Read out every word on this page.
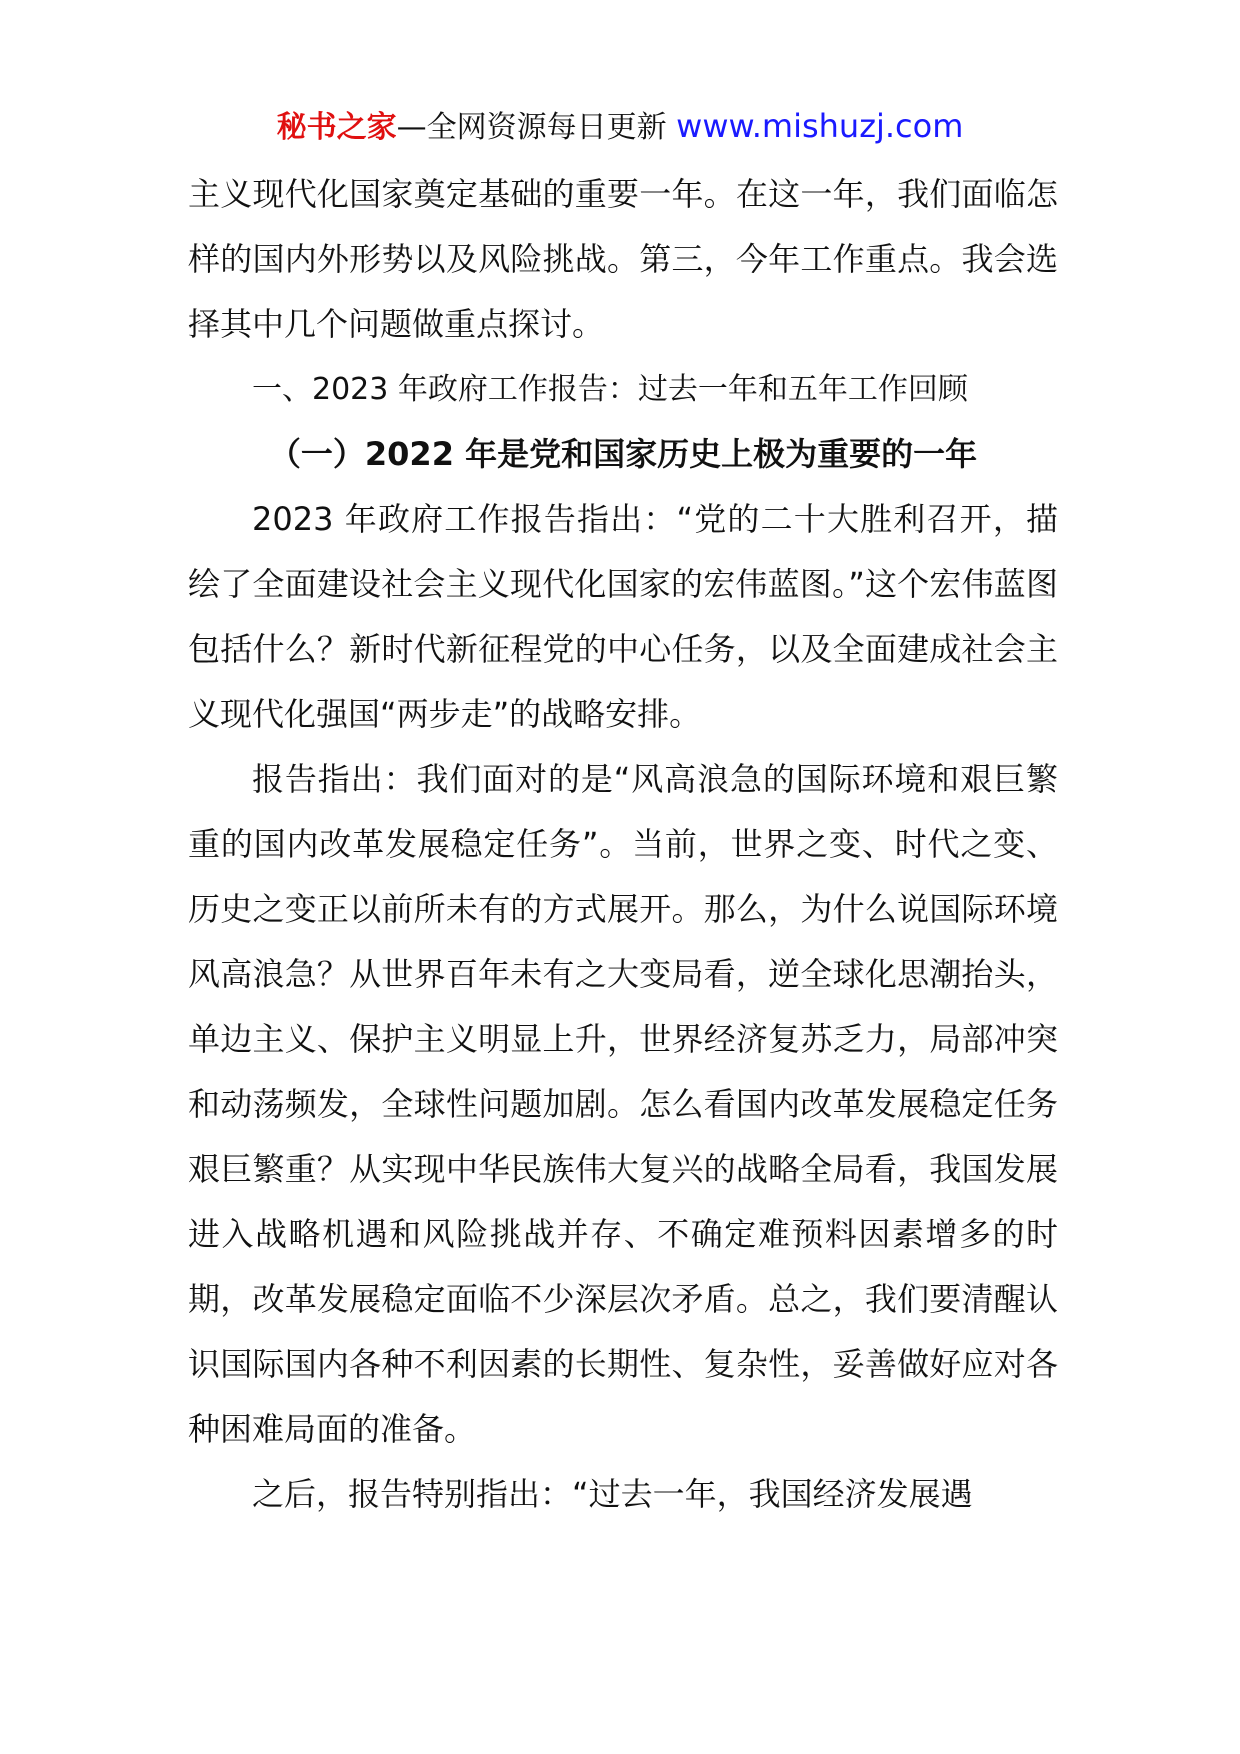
秘书之家—全网资源每日更新 www.mishuzj.com

主义现代化国家奠定基础的重要一年。在这一年，我们面临怎样的国内外形势以及风险挑战。第三，今年工作重点。我会选择其中几个问题做重点探讨。

一、2023 年政府工作报告：过去一年和五年工作回顾

（一）2022 年是党和国家历史上极为重要的一年

2023 年政府工作报告指出：“党的二十大胜利召开，描绘了全面建设社会主义现代化国家的宏伟蓝图。”这个宏伟蓝图包括什么？新时代新征程党的中心任务，以及全面建成社会主义现代化强国“两步走”的战略安排。

报告指出：我们面对的是“风高浪急的国际环境和艰巨繁重的国内改革发展稳定任务”。当前，世界之变、时代之变、历史之变正以前所未有的方式展开。那么，为什么说国际环境风高浪急？从世界百年未有之大变局看，逆全球化思潮抬头，单边主义、保护主义明显上升，世界经济复苏乏力，局部冲突和动荡频发，全球性问题加剧。怎么看国内改革发展稳定任务艰巨繁重？从实现中华民族伟大复兴的战略全局看，我国发展进入战略机遇和风险挑战并存、不确定难预料因素增多的时期，改革发展稳定面临不少深层次矛盾。总之，我们要清醒认识国际国内各种不利因素的长期性、复杂性，妥善做好应对各种困难局面的准备。

之后，报告特别指出：“过去一年，我国经济发展遇
